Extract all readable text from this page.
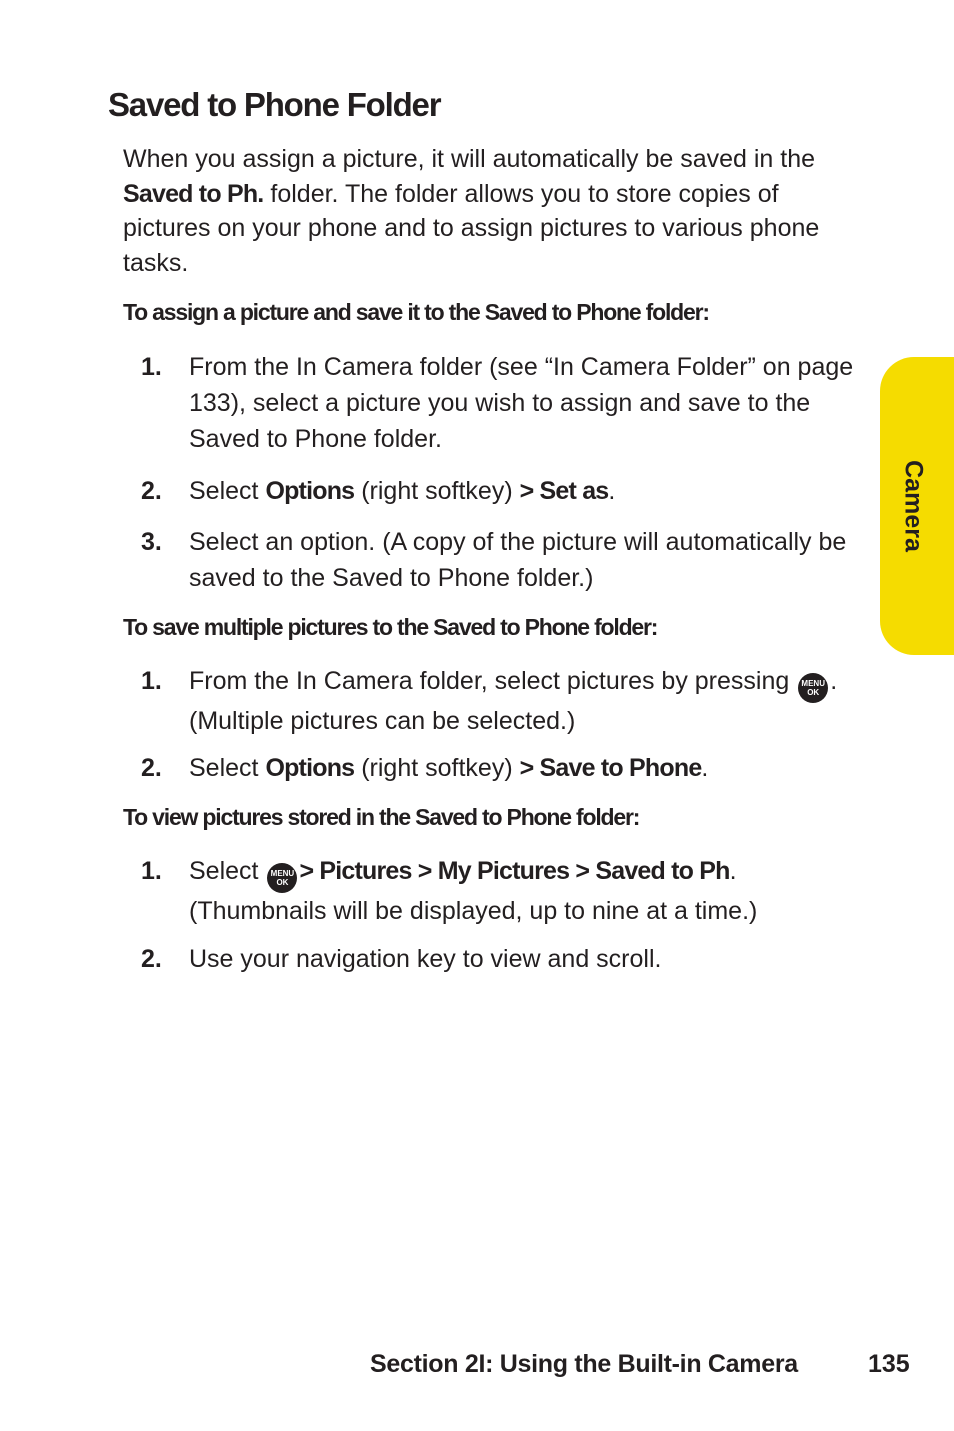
Saved to Phone Folder

When you assign a picture, it will automatically be saved in the Saved to Ph. folder. The folder allows you to store copies of pictures on your phone and to assign pictures to various phone tasks.

To assign a picture and save it to the Saved to Phone folder:

1. From the In Camera folder (see “In Camera Folder” on page 133), select a picture you wish to assign and save to the Saved to Phone folder.
2. Select Options (right softkey) > Set as.
3. Select an option. (A copy of the picture will automatically be saved to the Saved to Phone folder.)

To save multiple pictures to the Saved to Phone folder:

1. From the In Camera folder, select pictures by pressing MENU
OK . (Multiple pictures can be selected.)
2. Select Options (right softkey) > Save to Phone.

To view pictures stored in the Saved to Phone folder:

1. Select MENU
OK > Pictures > My Pictures > Saved to Ph. (Thumbnails will be displayed, up to nine at a time.)
2. Use your navigation key to view and scroll.
Camera
Section 2I: Using the Built-in Camera	135
